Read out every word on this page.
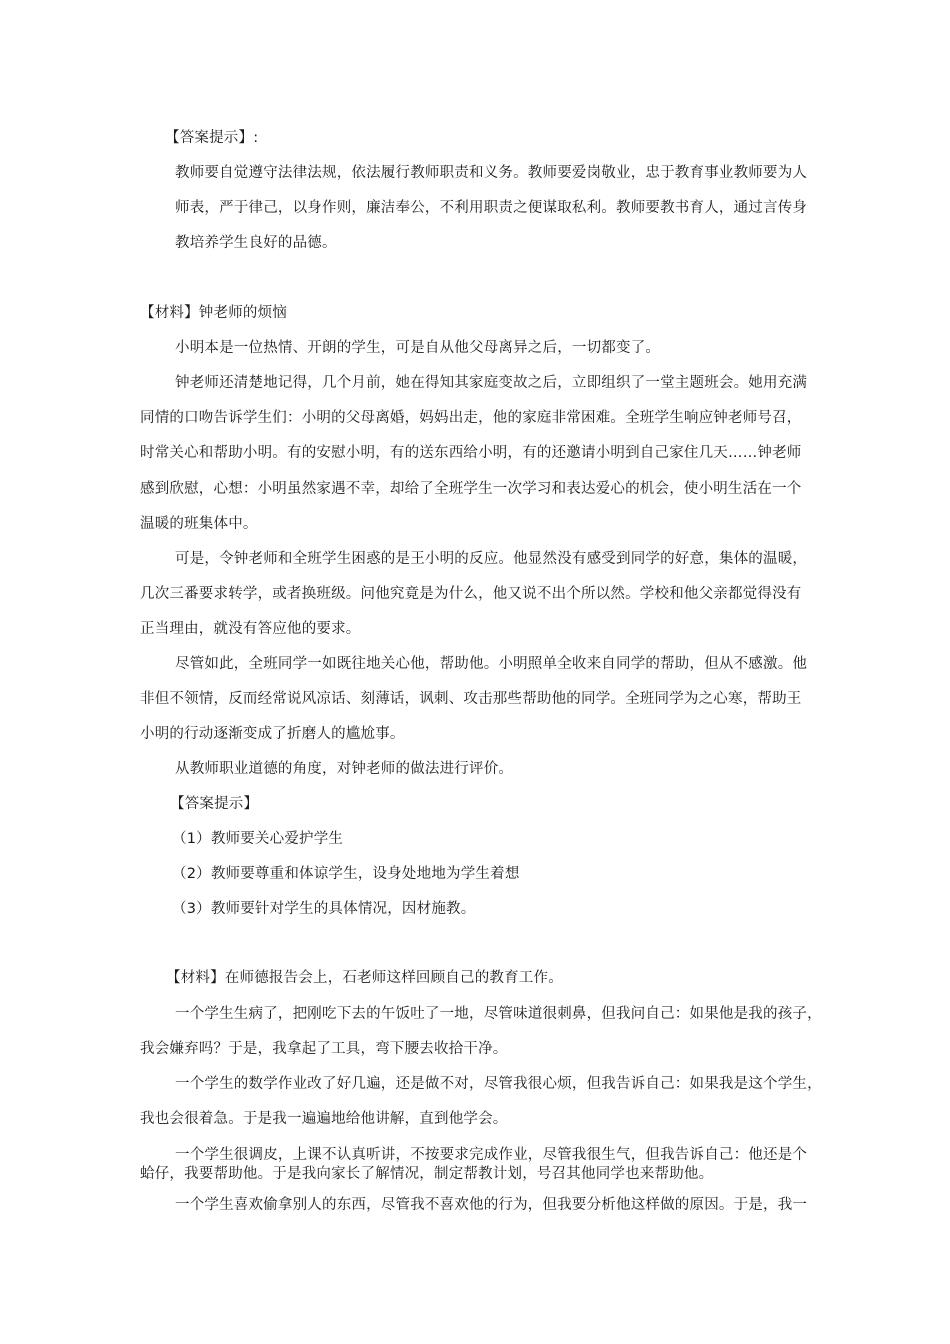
【答案提示】:
教师要自觉遵守法律法规，依法履行教师职责和义务。教师要爱岗敬业，忠于教育事业教师要为人
师表，严于律己，以身作则，廉洁奉公，不利用职责之便谋取私利。教师要教书育人，通过言传身
教培养学生良好的品德。
【材料】钟老师的烦恼
小明本是一位热情、开朗的学生，可是自从他父母离异之后，一切都变了。
钟老师还清楚地记得，几个月前，她在得知其家庭变故之后，立即组织了一堂主题班会。她用充满
同情的口吻告诉学生们：小明的父母离婚，妈妈出走，他的家庭非常困难。全班学生响应钟老师号召，
时常关心和帮助小明。有的安慰小明，有的送东西给小明，有的还邀请小明到自己家住几天……钟老师
感到欣慰，心想：小明虽然家遇不幸，却给了全班学生一次学习和表达爱心的机会，使小明生活在一个
温暖的班集体中。
可是，令钟老师和全班学生困惑的是王小明的反应。他显然没有感受到同学的好意，集体的温暖，
几次三番要求转学，或者换班级。问他究竟是为什么，他又说不出个所以然。学校和他父亲都觉得没有
正当理由，就没有答应他的要求。
尽管如此，全班同学一如既往地关心他，帮助他。小明照单全收来自同学的帮助，但从不感激。他
非但不领情，反而经常说风凉话、刻薄话，讽刺、攻击那些帮助他的同学。全班同学为之心寒，帮助王
小明的行动逐渐变成了折磨人的尴尬事。
从教师职业道德的角度，对钟老师的做法进行评价。
【答案提示】
（1）教师要关心爱护学生
（2）教师要尊重和体谅学生，设身处地地为学生着想
（3）教师要针对学生的具体情况，因材施教。
【材料】在师德报告会上，石老师这样回顾自己的教育工作。
一个学生生病了，把刚吃下去的午饭吐了一地，尽管味道很刺鼻，但我问自己：如果他是我的孩子，
我会嫌弃吗？于是，我拿起了工具，弯下腰去收拾干净。
一个学生的数学作业改了好几遍，还是做不对，尽管我很心烦，但我告诉自己：如果我是这个学生，
我也会很着急。于是我一遍遍地给他讲解，直到他学会。
一个学生很调皮，上课不认真听讲，不按要求完成作业，尽管我很生气，但我告诉自己：他还是个
蛤仔，我要帮助他。于是我向家长了解情况，制定帮教计划，号召其他同学也来帮助他。
一个学生喜欢偷拿别人的东西，尽管我不喜欢他的行为，但我要分析他这样做的原因。于是，我一
